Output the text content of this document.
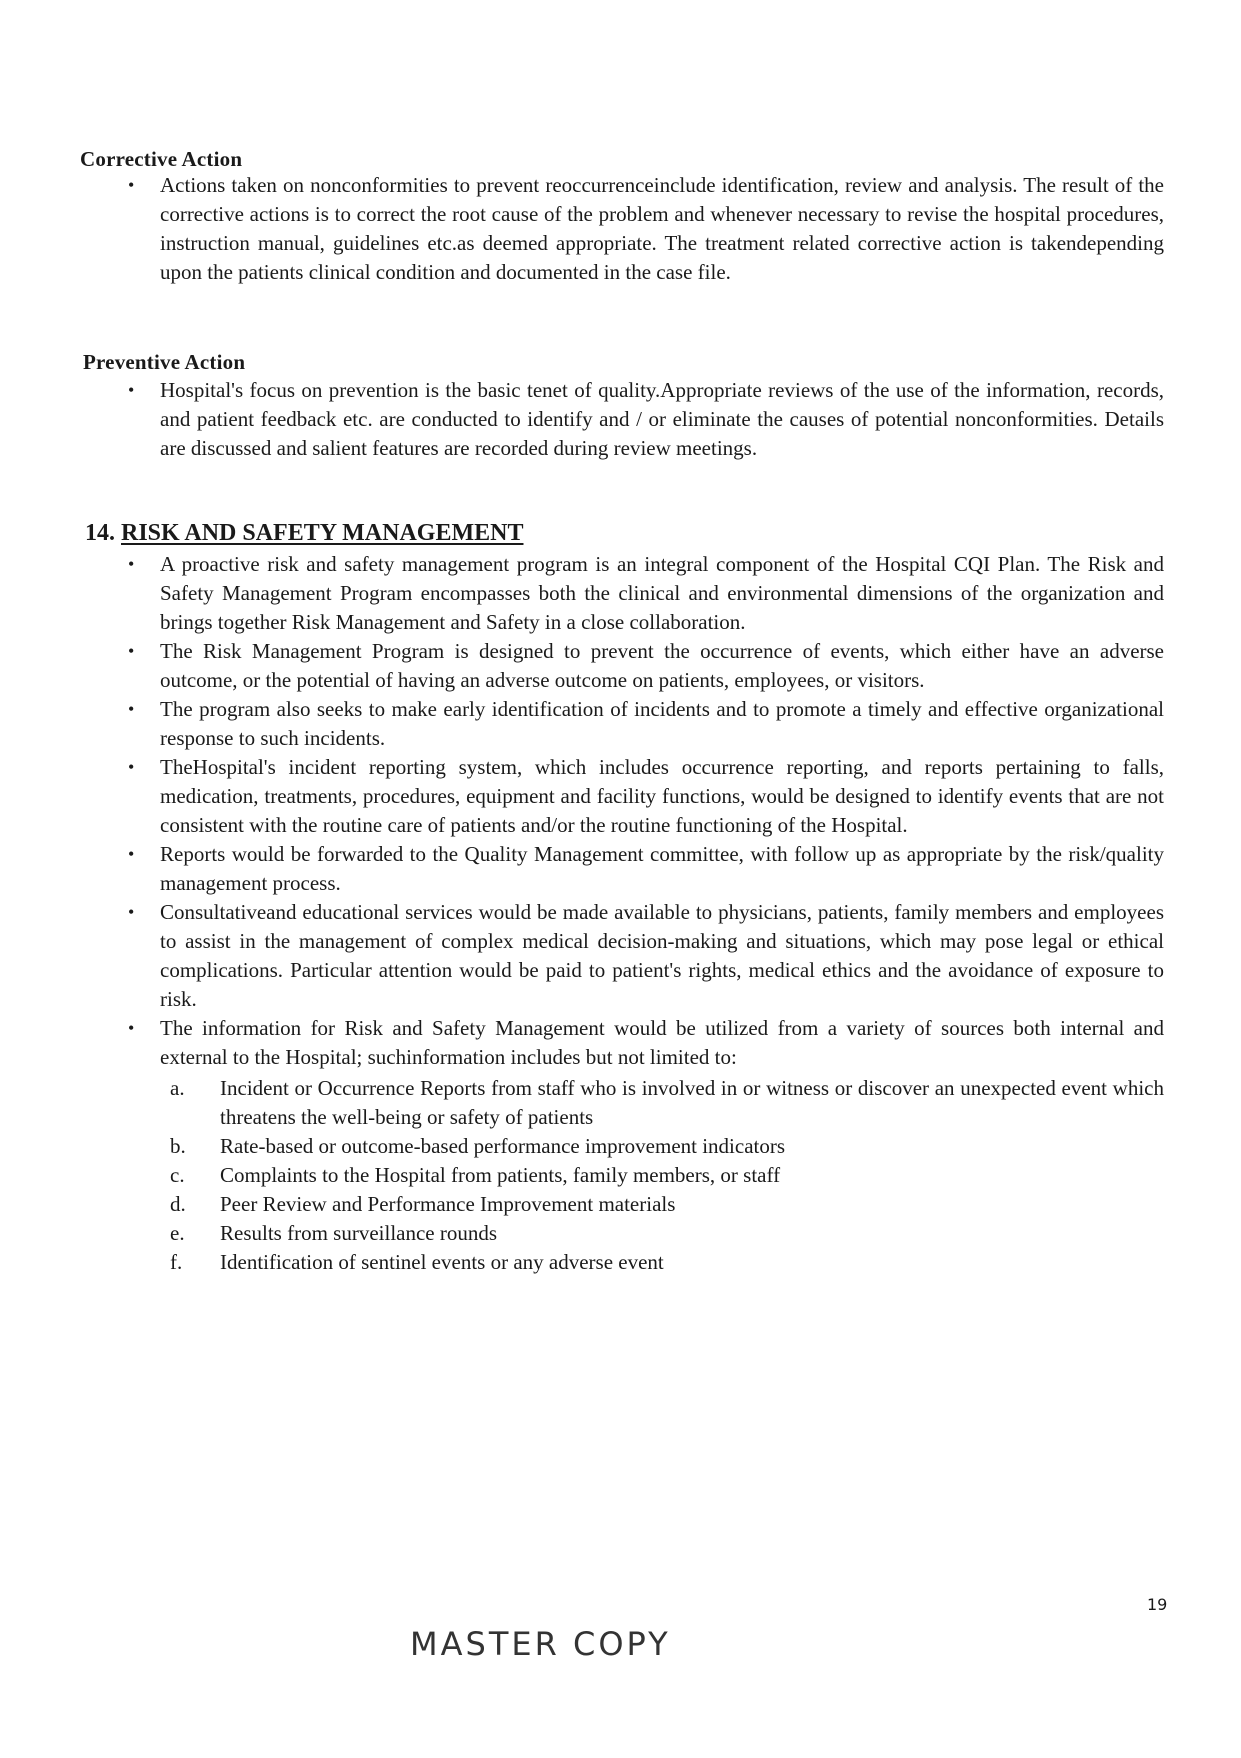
Corrective Action
• Actions taken on nonconformities to prevent reoccurrenceinclude identification, review and analysis. The result of the corrective actions is to correct the root cause of the problem and whenever necessary to revise the hospital procedures, instruction manual, guidelines etc.as deemed appropriate. The treatment related corrective action is takendepending upon the patients clinical condition and documented in the case file.
Preventive Action
• Hospital's focus on prevention is the basic tenet of quality.Appropriate reviews of the use of the information, records, and patient feedback etc. are conducted to identify and / or eliminate the causes of potential nonconformities. Details are discussed and salient features are recorded during review meetings.
14. RISK AND SAFETY MANAGEMENT
• A proactive risk and safety management program is an integral component of the Hospital CQI Plan. The Risk and Safety Management Program encompasses both the clinical and environmental dimensions of the organization and brings together Risk Management and Safety in a close collaboration.
• The Risk Management Program is designed to prevent the occurrence of events, which either have an adverse outcome, or the potential of having an adverse outcome on patients, employees, or visitors.
• The program also seeks to make early identification of incidents and to promote a timely and effective organizational response to such incidents.
• TheHospital's incident reporting system, which includes occurrence reporting, and reports pertaining to falls, medication, treatments, procedures, equipment and facility functions, would be designed to identify events that are not consistent with the routine care of patients and/or the routine functioning of the Hospital.
• Reports would be forwarded to the Quality Management committee, with follow up as appropriate by the risk/quality management process.
• Consultativeand educational services would be made available to physicians, patients, family members and employees to assist in the management of complex medical decision-making and situations, which may pose legal or ethical complications. Particular attention would be paid to patient's rights, medical ethics and the avoidance of exposure to risk.
• The information for Risk and Safety Management would be utilized from a variety of sources both internal and external to the Hospital; suchinformation includes but not limited to:
a. Incident or Occurrence Reports from staff who is involved in or witness or discover an unexpected event which threatens the well-being or safety of patients
b. Rate-based or outcome-based performance improvement indicators
c. Complaints to the Hospital from patients, family members, or staff
d. Peer Review and Performance Improvement materials
e. Results from surveillance rounds
f. Identification of sentinel events or any adverse event
19
MASTER COPY
